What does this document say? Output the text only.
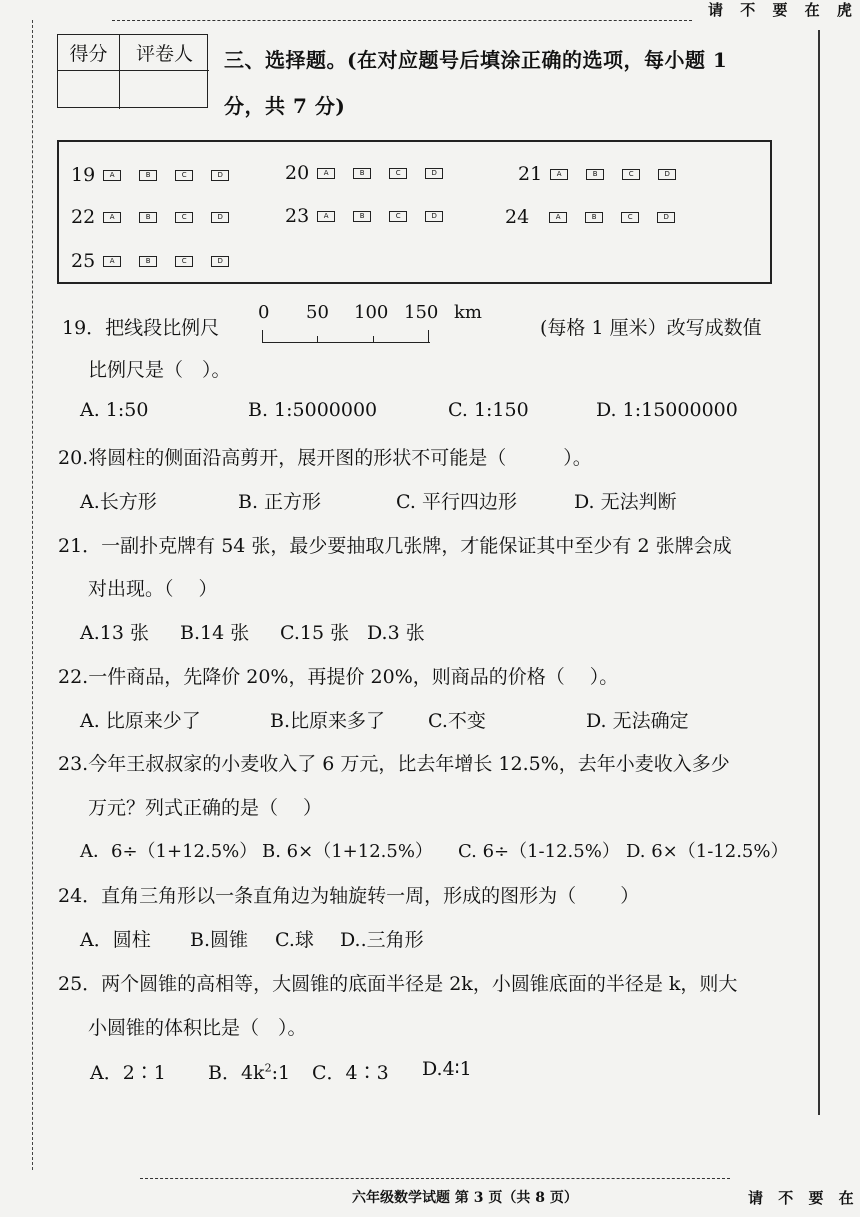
请 不 要 在 ⻁
得分	评卷人	三、选择题。(在对应题号后填涂正确的选项，每小题 1
分，共 7 分)
19	A	B	C	D	20	A	B	C	D	21	A	B	C	D
22	A	B	C	D	23	A	B	C	D	24	A	B	C	D
25	A	B	C	D
19．把线段比例尺
0 50 100 150 km
(每格 1 厘米）改写成数值
比例尺是（　）。
A. 1:50	B. 1:5000000	C. 1:150	D. 1:15000000
20.将圆柱的侧面沿高剪开，展开图的形状不可能是（　　　）。
A.长方形	B. 正方形	C. 平行四边形	D. 无法判断
21．一副扑克牌有 54 张，最少要抽取几张牌，才能保证其中至少有 2 张牌会成
对出现。（　 ）
A.13 张 B.14 张 C.15 张 D.3 张
22.一件商品，先降价 20%，再提价 20%，则商品的价格（　 ）。
A. 比原来少了	B.比原来多了 C.不变	D. 无法确定
23.今年王叔叔家的小麦收入了 6 万元，比去年增长 12.5%，去年小麦收入多少
万元？列式正确的是（　 ）
A．6÷（1+12.5%） B. 6×（1+12.5%） C. 6÷（1-12.5%） D. 6×（1-12.5%）
24．直角三角形以一条直角边为轴旋转一周，形成的图形为（　　 ）
A．圆柱 B.圆锥 C.球 D..三角形
25．两个圆锥的高相等，大圆锥的底面半径是 2k，小圆锥底面的半径是 k，则大
小圆锥的体积比是（　）。
A．2∶1 B．$4k^2:1$ C．4∶3 D.4∶1
六年级数学试题 第 3 页（共 8 页）	请 不 要 在
